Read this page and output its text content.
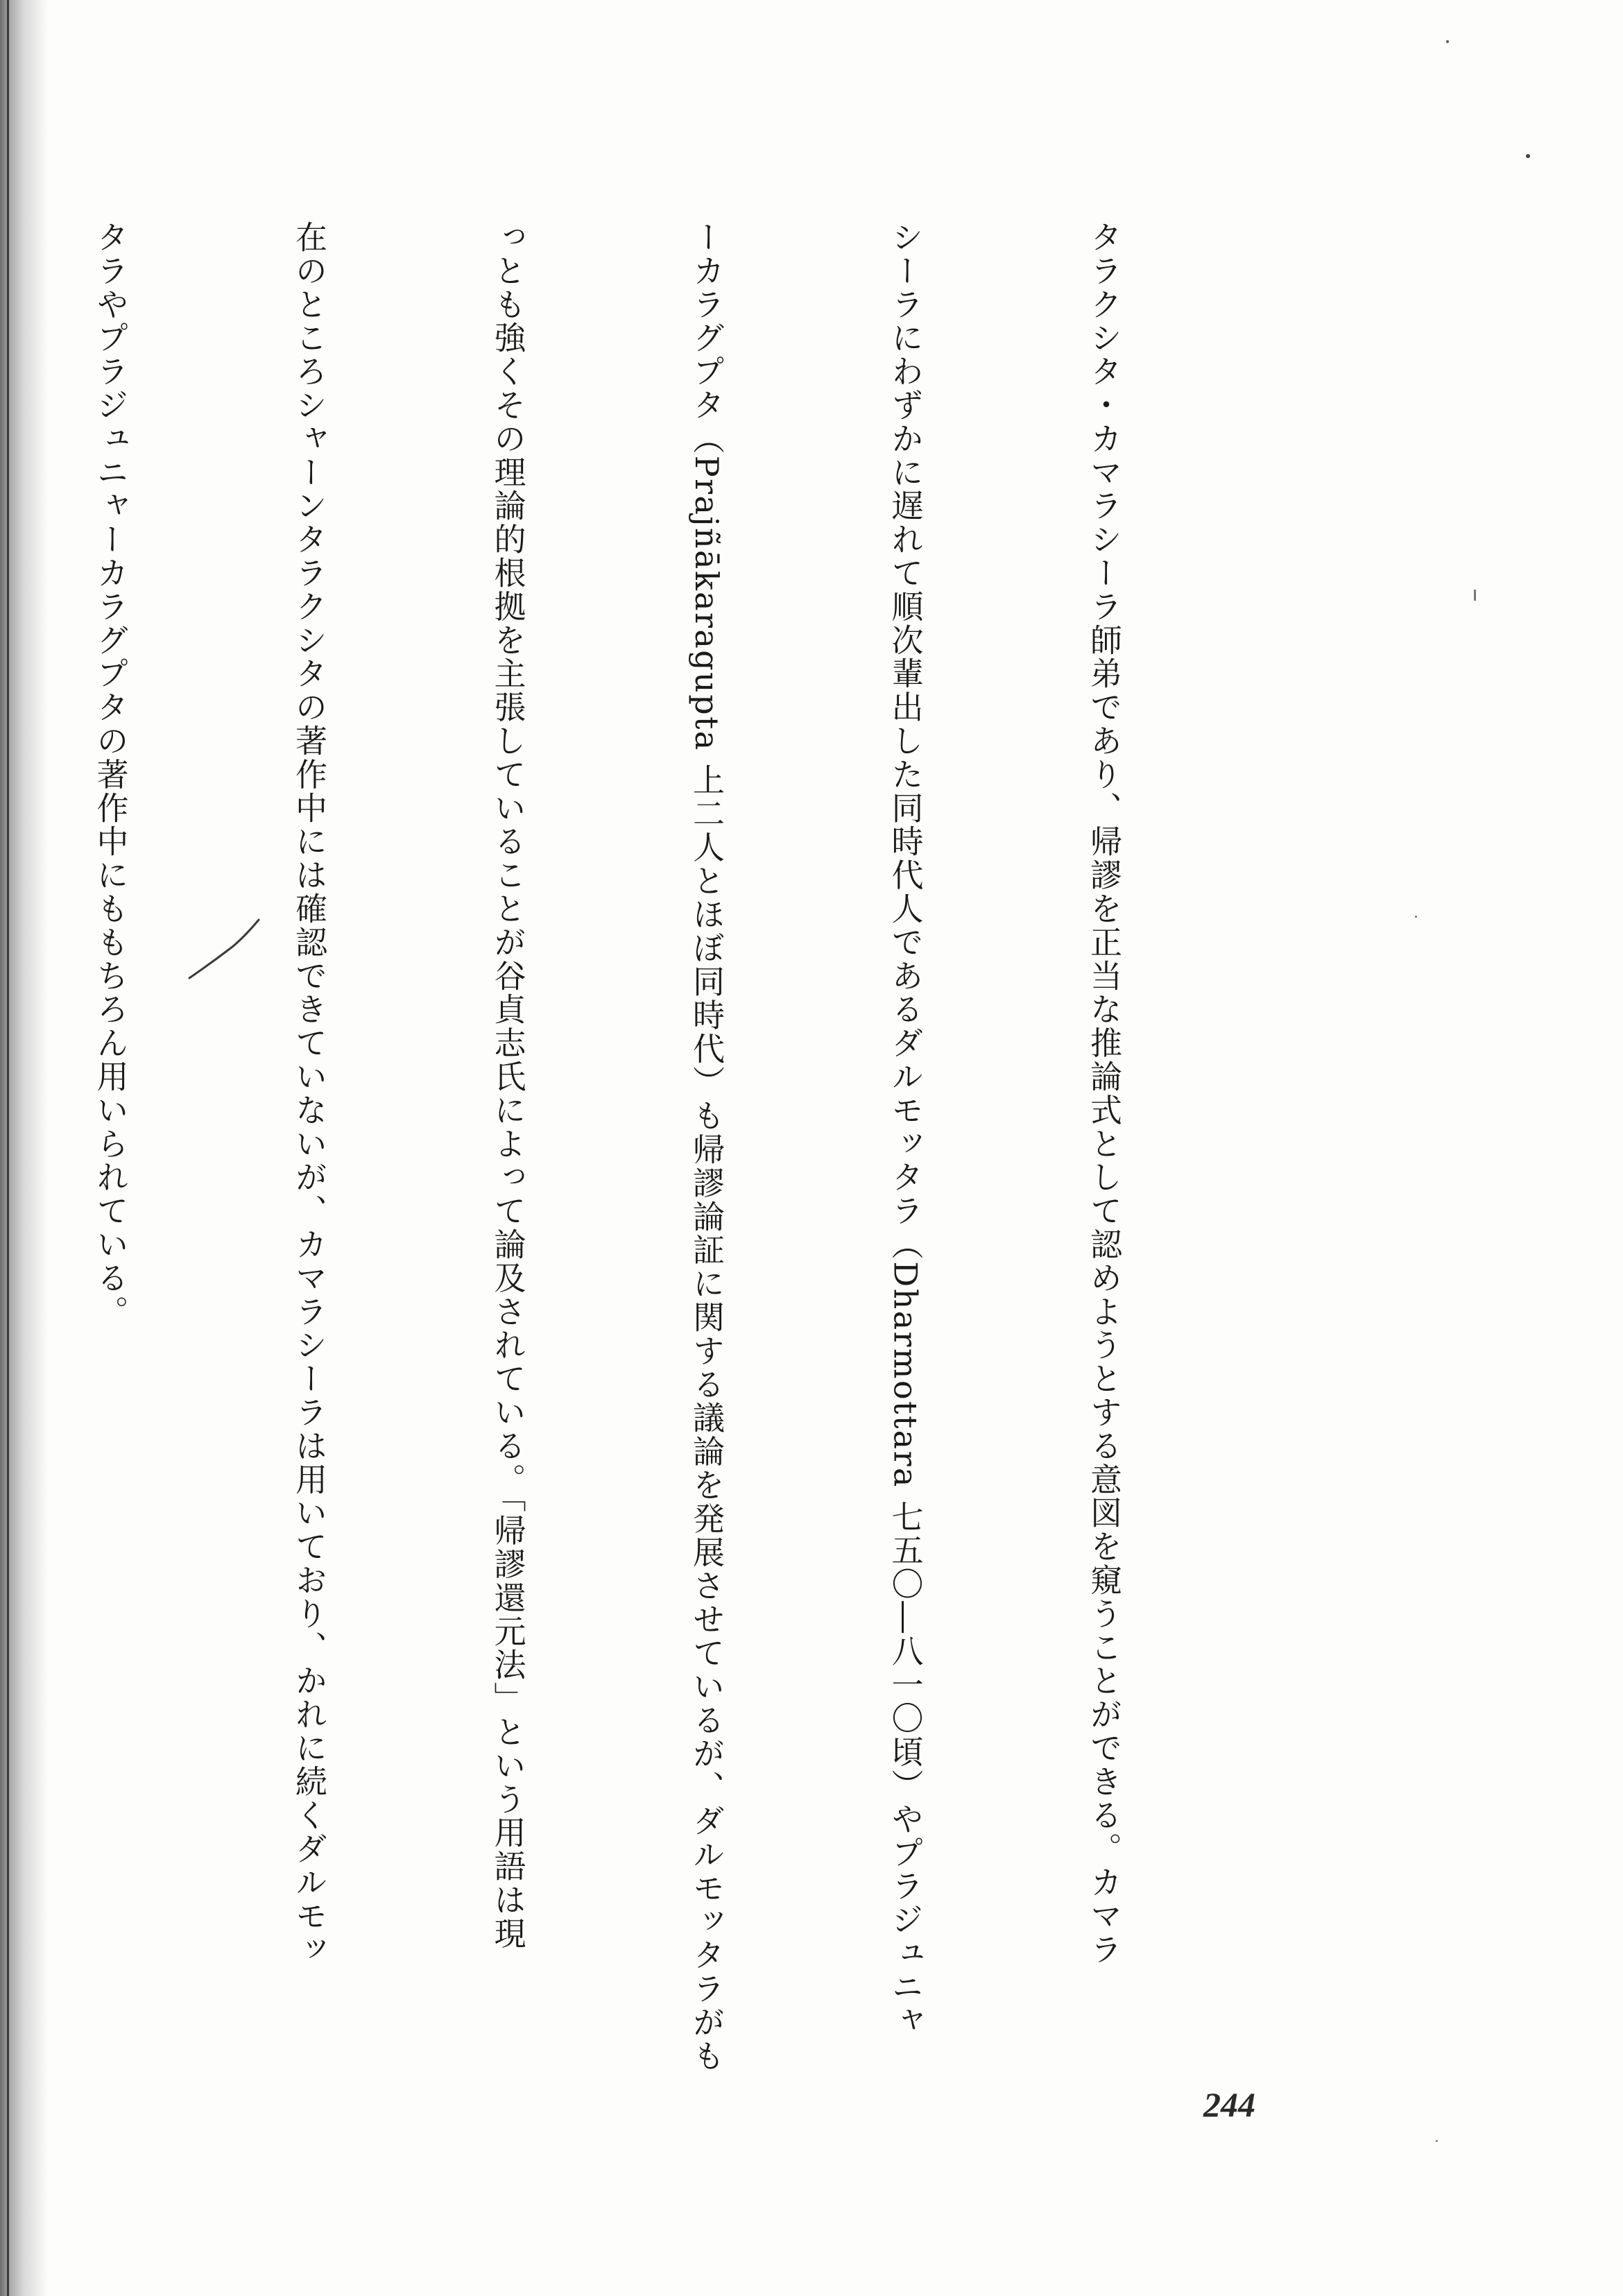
タラクシタ・カマラシーラ師弟であり、帰謬を正当な推論式として認めようとする意図を窺うことができる。カマラ

シーラにわずかに遅れて順次輩出した同時代人であるダルモッタラ（Dharmottara 七五〇―八一〇頃）やプラジュニャ

ーカラグプタ（Prajñākaragupta 上二人とほぼ同時代）も帰謬論証に関する議論を発展させているが、ダルモッタラがも

っとも強くその理論的根拠を主張していることが谷貞志氏によって論及されている。「帰謬還元法」という用語は現

在のところシャーンタラクシタの著作中には確認できていないが、カマラシーラは用いており、かれに続くダルモッ

タラやプラジュニャーカラグプタの著作中にももちろん用いられている。

244
